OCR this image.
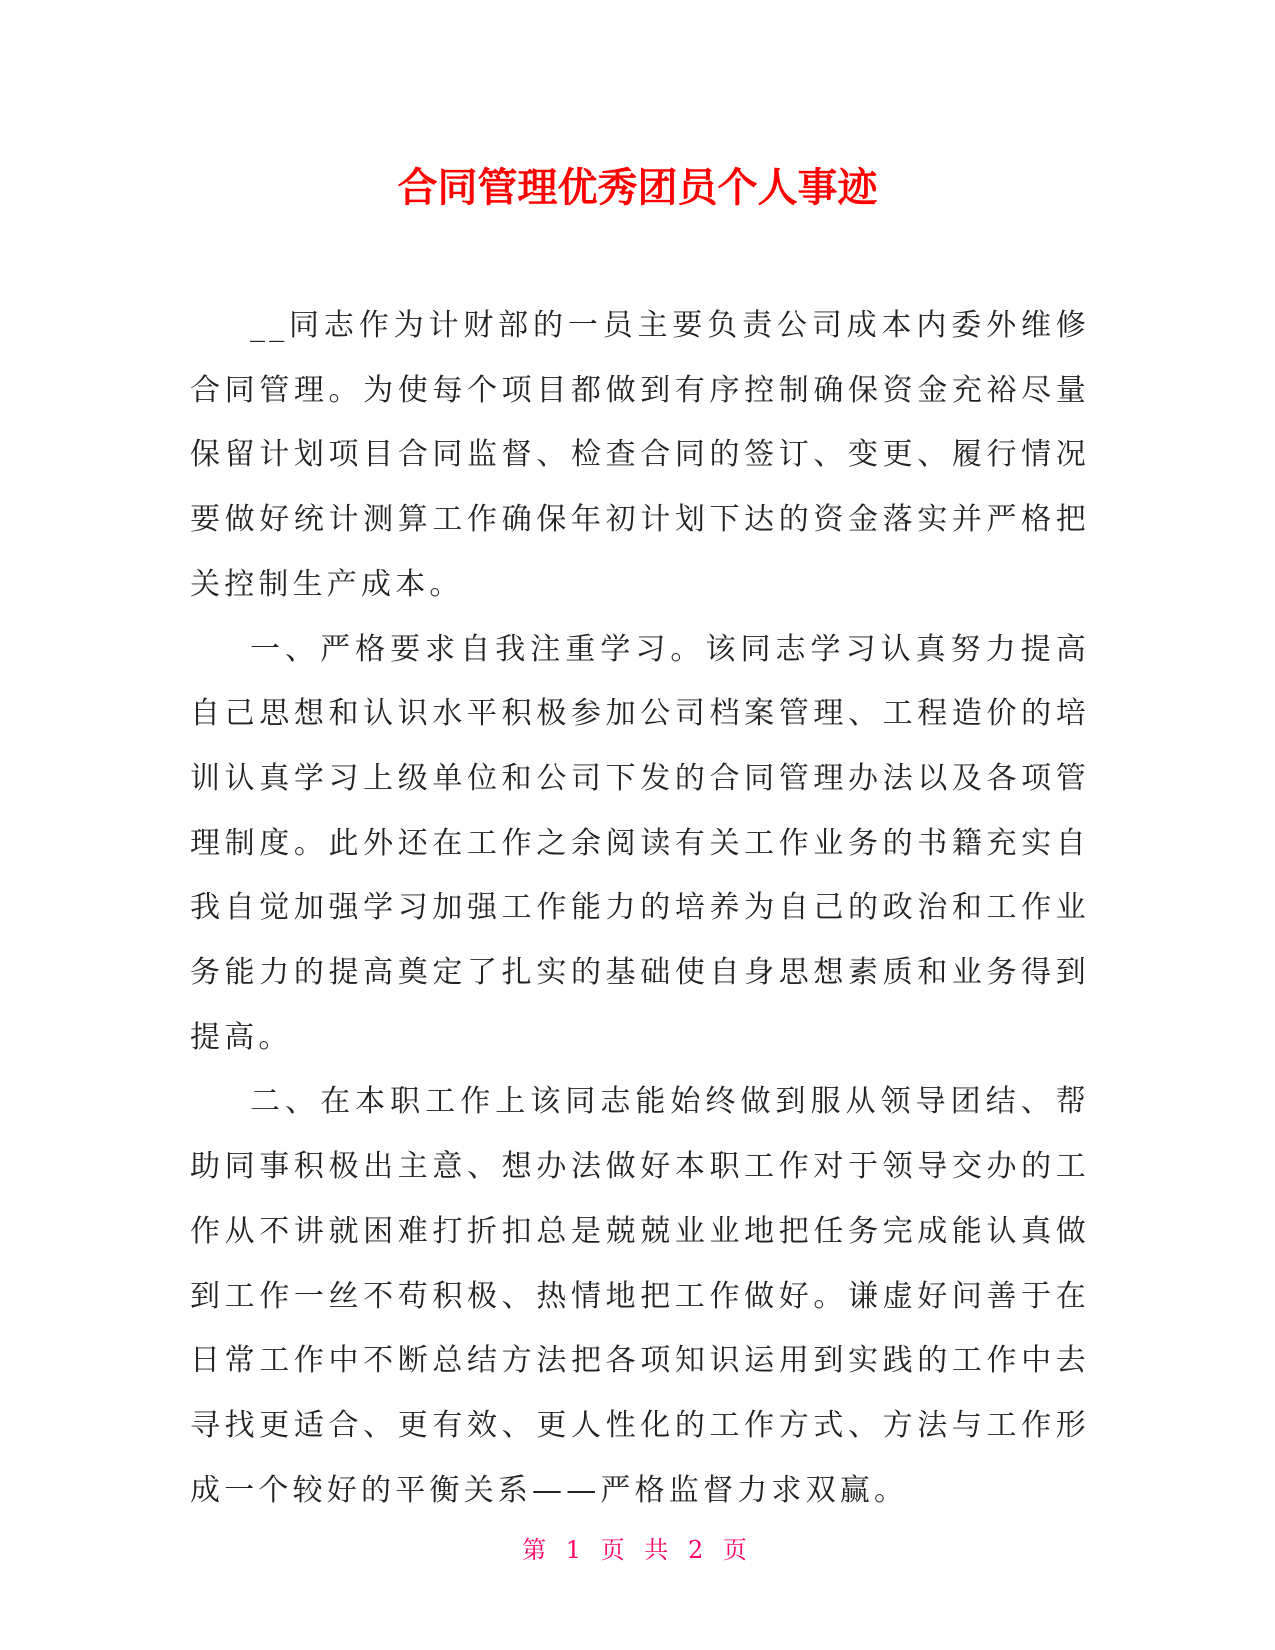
合同管理优秀团员个人事迹

__同志作为计财部的一员主要负责公司成本内委外维修合同管理。为使每个项目都做到有序控制确保资金充裕尽量保留计划项目合同监督、检查合同的签订、变更、履行情况要做好统计测算工作确保年初计划下达的资金落实并严格把关控制生产成本。

一、严格要求自我注重学习。该同志学习认真努力提高自己思想和认识水平积极参加公司档案管理、工程造价的培训认真学习上级单位和公司下发的合同管理办法以及各项管理制度。此外还在工作之余阅读有关工作业务的书籍充实自我自觉加强学习加强工作能力的培养为自己的政治和工作业务能力的提高奠定了扎实的基础使自身思想素质和业务得到提高。

二、在本职工作上该同志能始终做到服从领导团结、帮助同事积极出主意、想办法做好本职工作对于领导交办的工作从不讲就困难打折扣总是兢兢业业地把任务完成能认真做到工作一丝不苟积极、热情地把工作做好。谦虚好问善于在日常工作中不断总结方法把各项知识运用到实践的工作中去寻找更适合、更有效、更人性化的工作方式、方法与工作形成一个较好的平衡关系——严格监督力求双赢。

第 1 页 共 2 页
